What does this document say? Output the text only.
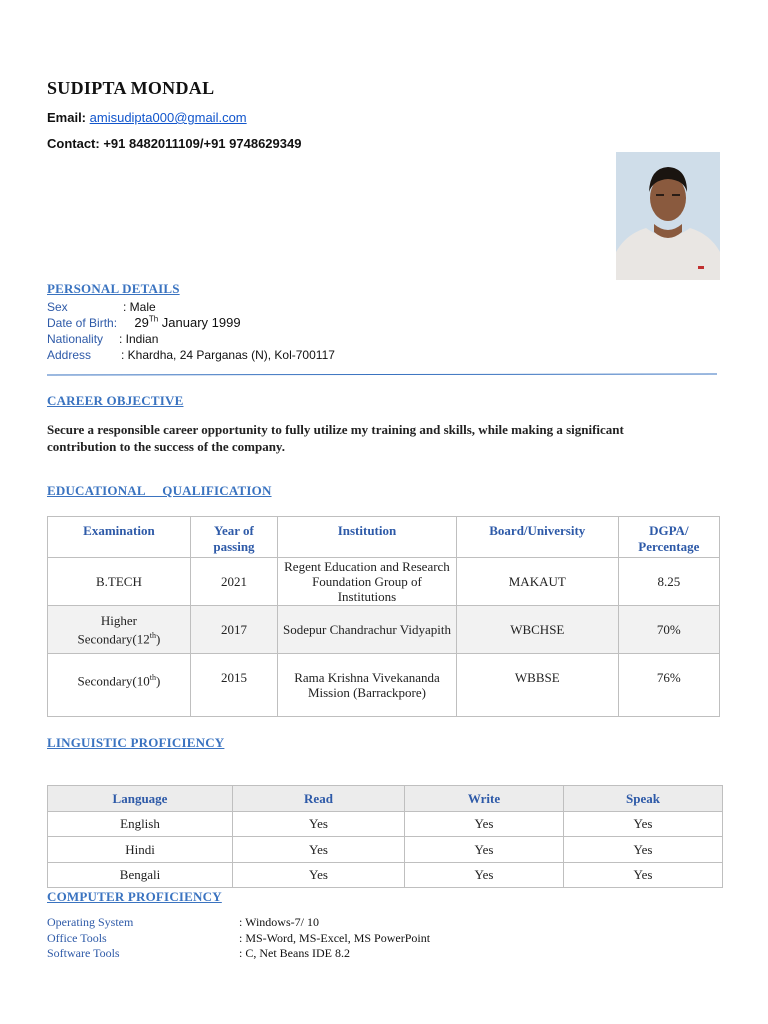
SUDIPTA MONDAL
Email: amisudipta000@gmail.com
Contact: +91 8482011109/+91 9748629349
PERSONAL DETAILS
Sex	: Male
Date of Birth: 29Th January 1999
Nationality : Indian
Address : Khardha, 24 Parganas (N), Kol-700117
CAREER OBJECTIVE
Secure a responsible career opportunity to fully utilize my training and skills, while making a significant contribution to the success of the company.
EDUCATIONAL     QUALIFICATION
Examination	Year of passing	Institution	Board/University	DGPA/ Percentage
B.TECH	2021	Regent Education and Research Foundation Group of Institutions	MAKAUT	8.25
Higher
Secondary(12th)	2017	Sodepur Chandrachur Vidyapith	WBCHSE	70%
Secondary(10th)	2015	Rama Krishna Vivekananda Mission (Barrackpore)	WBBSE	76%
LINGUISTIC PROFICIENCY
Language	Read	Write	Speak
English	Yes	Yes	Yes
Hindi	Yes	Yes	Yes
Bengali	Yes	Yes	Yes
COMPUTER PROFICIENCY
Operating System	: Windows-7/ 10
Office Tools	: MS-Word, MS-Excel, MS PowerPoint
Software Tools	: C, Net Beans IDE 8.2
